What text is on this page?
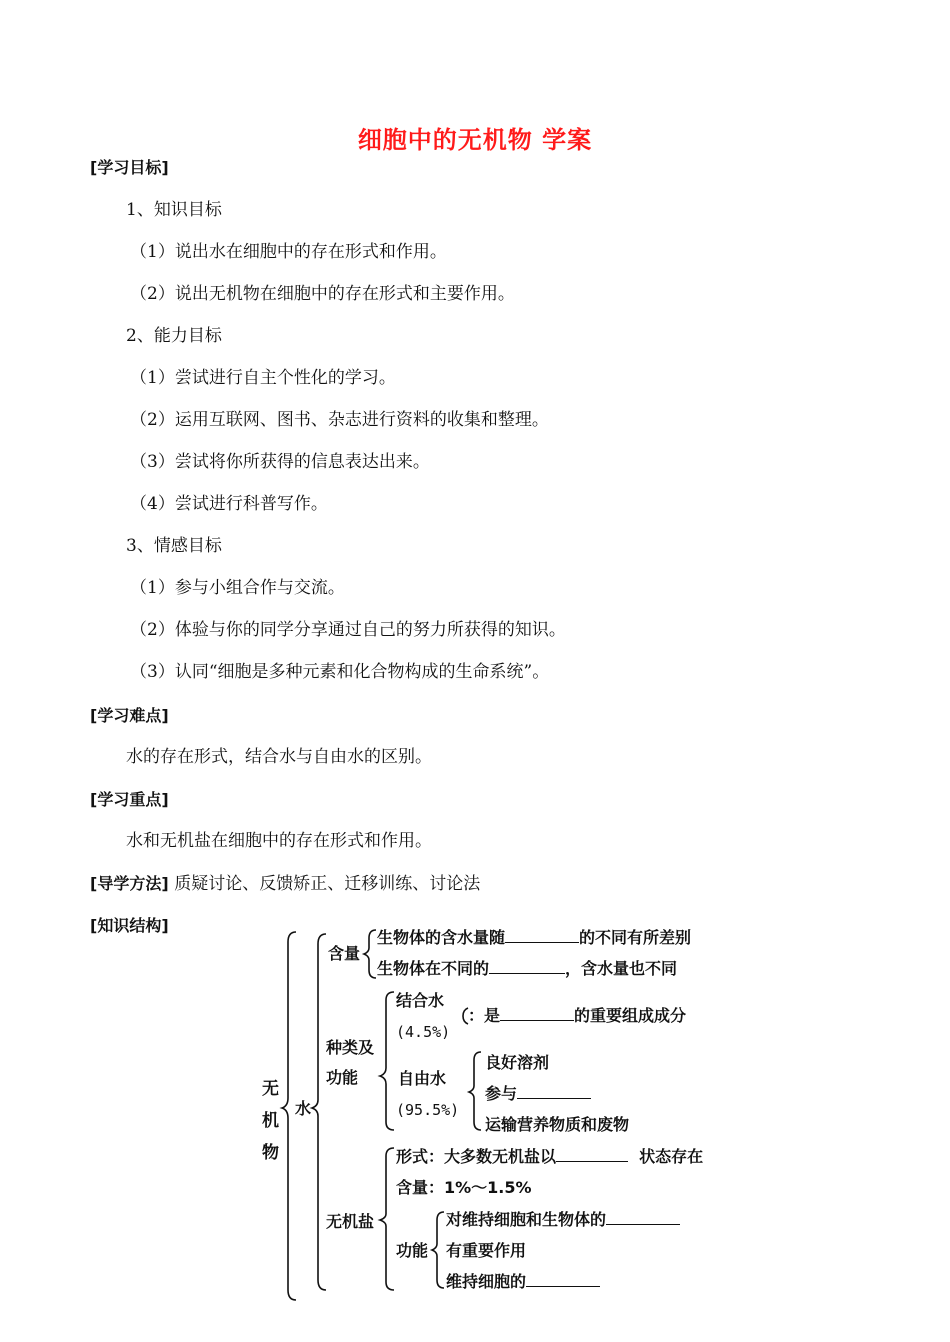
细胞中的无机物 学案
[学习目标]
1、知识目标
（1）说出水在细胞中的存在形式和作用。
（2）说出无机物在细胞中的存在形式和主要作用。
2、能力目标
（1）尝试进行自主个性化的学习。
（2）运用互联网、图书、杂志进行资料的收集和整理。
（3）尝试将你所获得的信息表达出来。
（4）尝试进行科普写作。
3、情感目标
（1）参与小组合作与交流。
（2）体验与你的同学分享通过自己的努力所获得的知识。
（3）认同“细胞是多种元素和化合物构成的生命系统”。
[学习难点]
水的存在形式，结合水与自由水的区别。
[学习重点]
水和无机盐在细胞中的存在形式和作用。
[导学方法] 质疑讨论、反馈矫正、迁移训练、讨论法
[知识结构]
无
机
物
水
含量
生物体的含水量随	的不同有所差别
生物体在不同的	，含水量也不同
种类及
功能
结合水
(4.5%)
：是	的重要组成成分
自由水
(95.5%)
良好溶剂
参与
运输营养物质和废物
无机盐
形式：大多数无机盐以	状态存在
含量：1%～1.5%
功能
对维持细胞和生物体的
有重要作用
维持细胞的
